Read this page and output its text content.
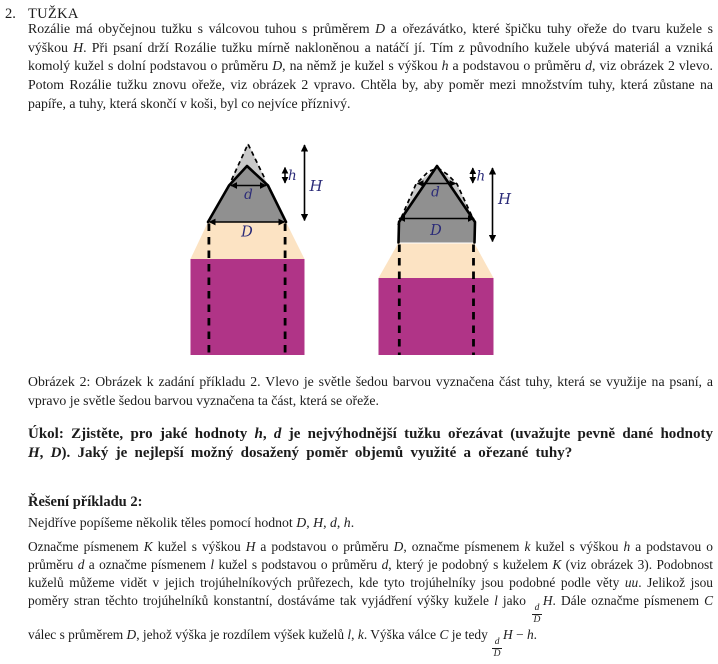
2. TUŽKA
Rozálie má obyčejnou tužku s válcovou tuhou s průměrem D a ořezávátko, které špičku tuhy ořeže do tvaru kužele s výškou H. Při psaní drží Rozálie tužku mírně nakloněnou a natáčí jí. Tím z původního kužele ubývá materiál a vzniká komolý kužel s dolní podstavou o průměru D, na němž je kužel s výškou h a podstavou o průměru d, viz obrázek 2 vlevo. Potom Rozálie tužku znovu ořeže, viz obrázek 2 vpravo. Chtěla by, aby poměr mezi množstvím tuhy, která zůstane na papíře, a tuhy, která skončí v koši, byl co nejvíce příznivý.
d
D
h
H	d
D
h
H
Obrázek 2: Obrázek k zadání příkladu 2. Vlevo je světle šedou barvou vyznačena část tuhy, která se využije na psaní, a vpravo je světle šedou barvou vyznačena ta část, která se ořeže.
Úkol: Zjistěte, pro jaké hodnoty h, d je nejvýhodnější tužku ořezávat (uvažujte pevně dané hodnoty H, D). Jaký je nejlepší možný dosažený poměr objemů využité a ořezané tuhy?
Řešení příkladu 2:
Nejdříve popíšeme několik těles pomocí hodnot D, H, d, h.
Označme písmenem K kužel s výškou H a podstavou o průměru D, označme písmenem k kužel s výškou h a podstavou o průměru d a označme písmenem l kužel s podstavou o průměru d, který je podobný s kuželem K (viz obrázek 3). Podobnost kuželů můžeme vidět v jejich trojúhelníkových průřezech, kde tyto trojúhelníky jsou podobné podle věty uu. Jelikož jsou poměry stran těchto trojúhelníků konstantní, dostáváme tak vyjádření výšky kužele l jako
$\frac{d}{D}$
H. Dále označme písmenem C válec s průměrem D, jehož výška je rozdílem výšek kuželů l, k. Výška válce C je tedy
$\frac{d}{D}$
H − h.
